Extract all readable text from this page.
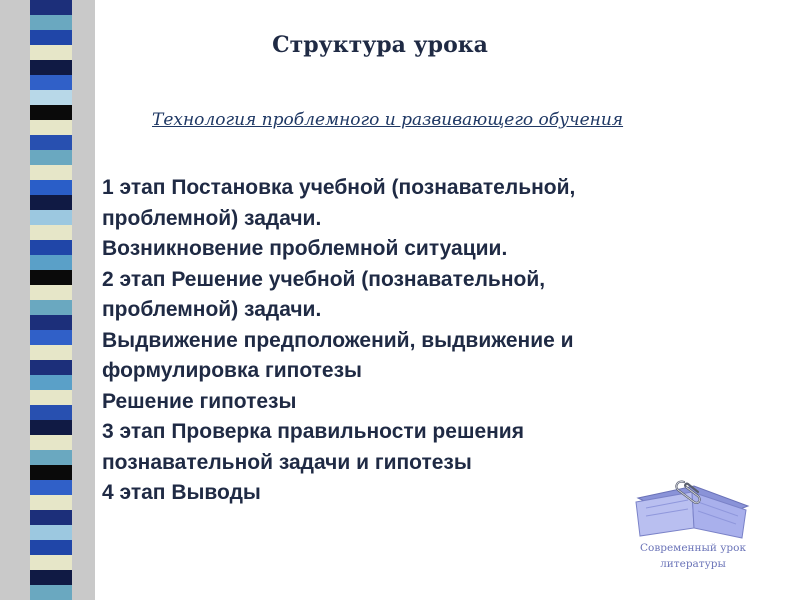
Структура урока

Технология проблемного и развивающего обучения

1 этап Постановка учебной (познавательной,
проблемной) задачи.
Возникновение проблемной ситуации.
2 этап Решение учебной (познавательной,
проблемной) задачи.
Выдвижение предположений, выдвижение и
формулировка гипотезы
Решение гипотезы
3 этап Проверка правильности решения
познавательной задачи и гипотезы
4 этап Выводы
Современный урок
литературы
